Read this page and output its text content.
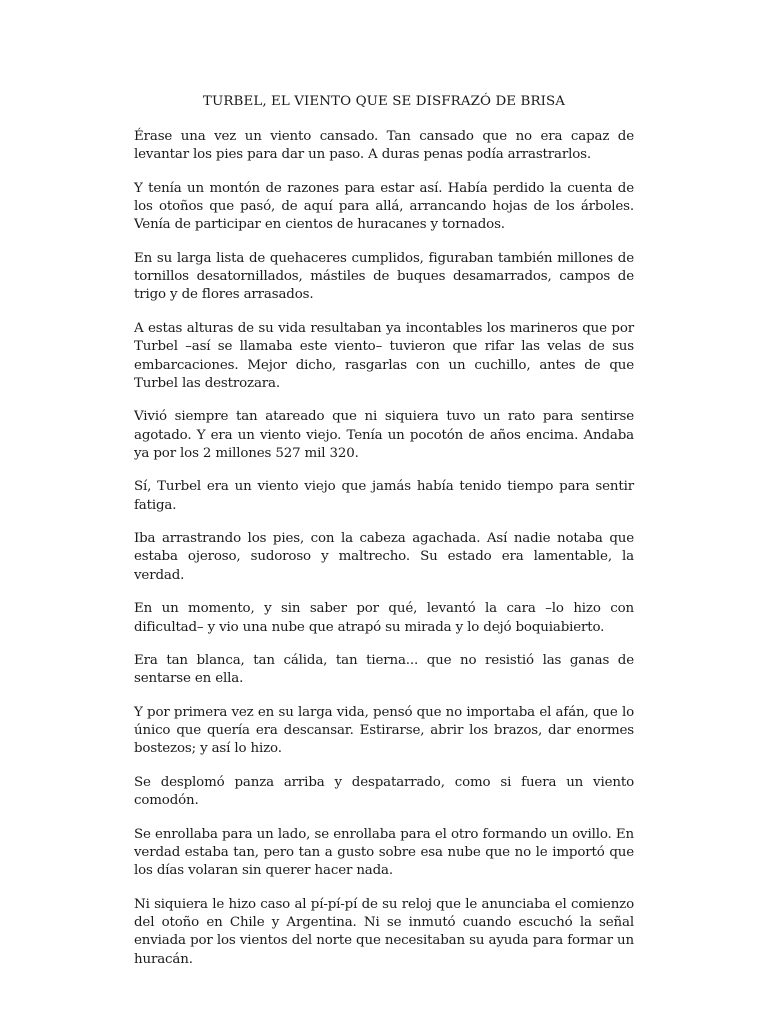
TURBEL, EL VIENTO QUE SE DISFRAZÓ DE BRISA

Érase una vez un viento cansado. Tan cansado que no era capaz de levantar los pies para dar un paso. A duras penas podía arrastrarlos.

Y tenía un montón de razones para estar así. Había perdido la cuenta de los otoños que pasó, de aquí para allá, arrancando hojas de los árboles. Venía de participar en cientos de huracanes y tornados.

En su larga lista de quehaceres cumplidos, figuraban también millones de tornillos desatornillados, mástiles de buques desamarrados, campos de trigo y de flores arrasados.

A estas alturas de su vida resultaban ya incontables los marineros que por Turbel –así se llamaba este viento– tuvieron que rifar las velas de sus embarcaciones. Mejor dicho, rasgarlas con un cuchillo, antes de que Turbel las destrozara.

Vivió siempre tan atareado que ni siquiera tuvo un rato para sentirse agotado. Y era un viento viejo. Tenía un pocotón de años encima. Andaba ya por los 2 millones 527 mil 320.

Sí, Turbel era un viento viejo que jamás había tenido tiempo para sentir fatiga.

Iba arrastrando los pies, con la cabeza agachada. Así nadie notaba que estaba ojeroso, sudoroso y maltrecho. Su estado era lamentable, la verdad.

En un momento, y sin saber por qué, levantó la cara –lo hizo con dificultad– y vio una nube que atrapó su mirada y lo dejó boquiabierto.

Era tan blanca, tan cálida, tan tierna... que no resistió las ganas de sentarse en ella.

Y por primera vez en su larga vida, pensó que no importaba el afán, que lo único que quería era descansar. Estirarse, abrir los brazos, dar enormes bostezos; y así lo hizo.

Se desplomó panza arriba y despatarrado, como si fuera un viento comodón.

Se enrollaba para un lado, se enrollaba para el otro formando un ovillo. En verdad estaba tan, pero tan a gusto sobre esa nube que no le importó que los días volaran sin querer hacer nada.

Ni siquiera le hizo caso al pí-pí-pí de su reloj que le anunciaba el comienzo del otoño en Chile y Argentina. Ni se inmutó cuando escuchó la señal enviada por los vientos del norte que necesitaban su ayuda para formar un huracán.
